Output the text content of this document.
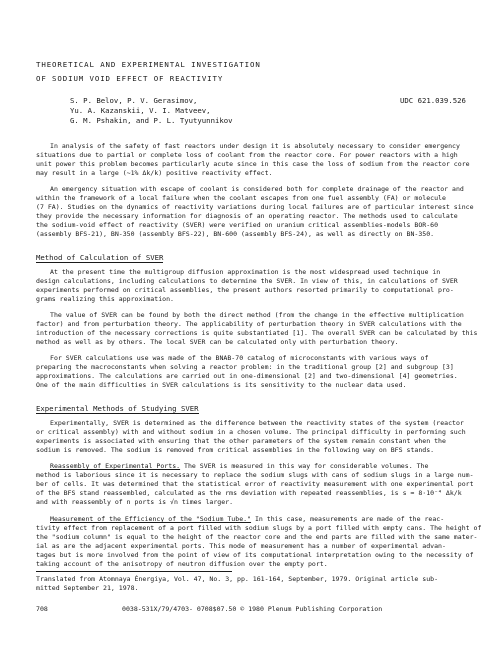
THEORETICAL AND EXPERIMENTAL INVESTIGATION
OF SODIUM VOID EFFECT OF REACTIVITY
S. P. Belov, P. V. Gerasimov,
Yu. A. Kazanskii, V. I. Matveev,
G. M. Pshakin, and P. L. Tyutyunnikov
UDC 621.039.526
In analysis of the safety of fast reactors under design it is absolutely necessary to consider emergency
situations due to partial or complete loss of coolant from the reactor core. For power reactors with a high
unit power this problem becomes particularly acute since in this case the loss of sodium from the reactor core
may result in a large (~1% Δk/k) positive reactivity effect.
An emergency situation with escape of coolant is considered both for complete drainage of the reactor and
within the framework of a local failure when the coolant escapes from one fuel assembly (FA) or molecule
(7 FA). Studies on the dynamics of reactivity variations during local failures are of particular interest since
they provide the necessary information for diagnosis of an operating reactor. The methods used to calculate
the sodium-void effect of reactivity (SVER) were verified on uranium critical assemblies-models BOR-60
(assembly BFS-21), BN-350 (assembly BFS-22), BN-600 (assembly BFS-24), as well as directly on BN-350.
Method of Calculation of SVER
At the present time the multigroup diffusion approximation is the most widespread used technique in
design calculations, including calculations to determine the SVER. In view of this, in calculations of SVER
experiments performed on critical assemblies, the present authors resorted primarily to computational pro-
grams realizing this approximation.
The value of SVER can be found by both the direct method (from the change in the effective multiplication
factor) and from perturbation theory. The applicability of perturbation theory in SVER calculations with the
introduction of the necessary corrections is quite substantiated [1]. The overall SVER can be calculated by this
method as well as by others. The local SVER can be calculated only with perturbation theory.
For SVER calculations use was made of the BNAB-70 catalog of microconstants with various ways of
preparing the macroconstants when solving a reactor problem: in the traditional group [2] and subgroup [3]
approximations. The calculations are carried out in one-dimensional [2] and two-dimensional [4] geometries.
One of the main difficulties in SVER calculations is its sensitivity to the nuclear data used.
Experimental Methods of Studying SVER
Experimentally, SVER is determined as the difference between the reactivity states of the system (reactor
or critical assembly) with and without sodium in a chosen volume. The principal difficulty in performing such
experiments is associated with ensuring that the other parameters of the system remain constant when the
sodium is removed. The sodium is removed from critical assemblies in the following way on BFS stands.
Reassembly of Experimental Ports. The SVER is measured in this way for considerable volumes. The
method is laborious since it is necessary to replace the sodium slugs with cans of sodium slugs in a large num-
ber of cells. It was determined that the statistical error of reactivity measurement with one experimental port
of the BFS stand reassembled, calculated as the rms deviation with repeated reassemblies, is s ≈ 8·10⁻⁴ Δk/k
and with reassembly of n ports is √n times larger.
Measurement of the Efficiency of the "Sodium Tube." In this case, measurements are made of the reac-
tivity effect from replacement of a port filled with sodium slugs by a port filled with empty cans. The height of
the "sodium column" is equal to the height of the reactor core and the end parts are filled with the same mater-
ial as are the adjacent experimental ports. This mode of measurement has a number of experimental advan-
tages but is more involved from the point of view of its computational interpretation owing to the necessity of
taking account of the anisotropy of neutron diffusion over the empty port.
Translated from Atomnaya Énergiya, Vol. 47, No. 3, pp. 161-164, September, 1979. Original article sub-
mitted September 21, 1978.
708	0038-531X/79/4703- 0708$07.50 © 1980 Plenum Publishing Corporation
